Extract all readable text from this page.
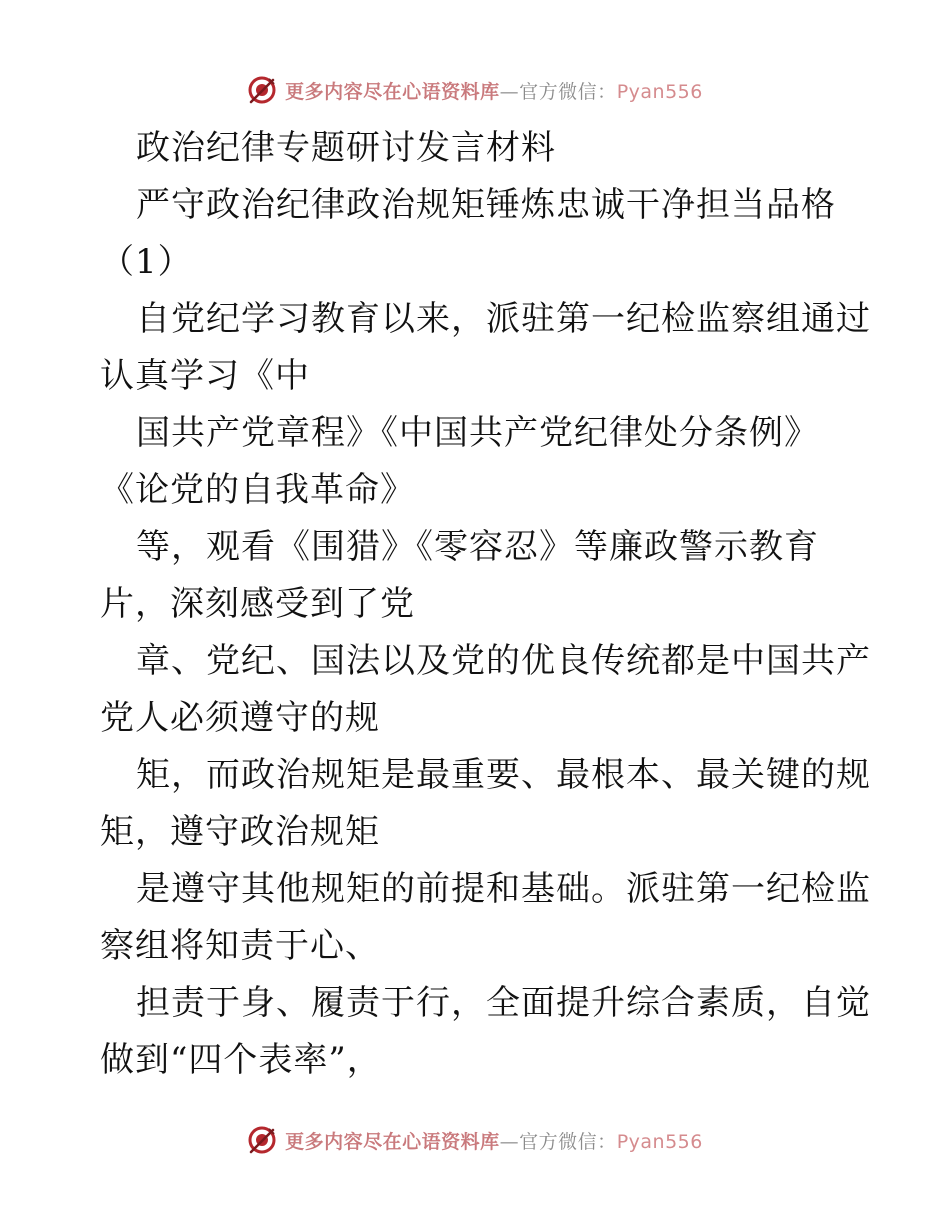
更多内容尽在心语资料库—官方微信：Pyan556
政治纪律专题研讨发言材料
严守政治纪律政治规矩锤炼忠诚干净担当品格
（1）
自党纪学习教育以来，派驻第一纪检监察组通过
认真学习《中
国共产党章程》《中国共产党纪律处分条例》
《论党的自我革命》
等，观看《围猎》《零容忍》等廉政警示教育
片，深刻感受到了党
章、党纪、国法以及党的优良传统都是中国共产
党人必须遵守的规
矩，而政治规矩是最重要、最根本、最关键的规
矩，遵守政治规矩
是遵守其他规矩的前提和基础。派驻第一纪检监
察组将知责于心、
担责于身、履责于行，全面提升综合素质，自觉
做到“四个表率”，
更多内容尽在心语资料库—官方微信：Pyan556
